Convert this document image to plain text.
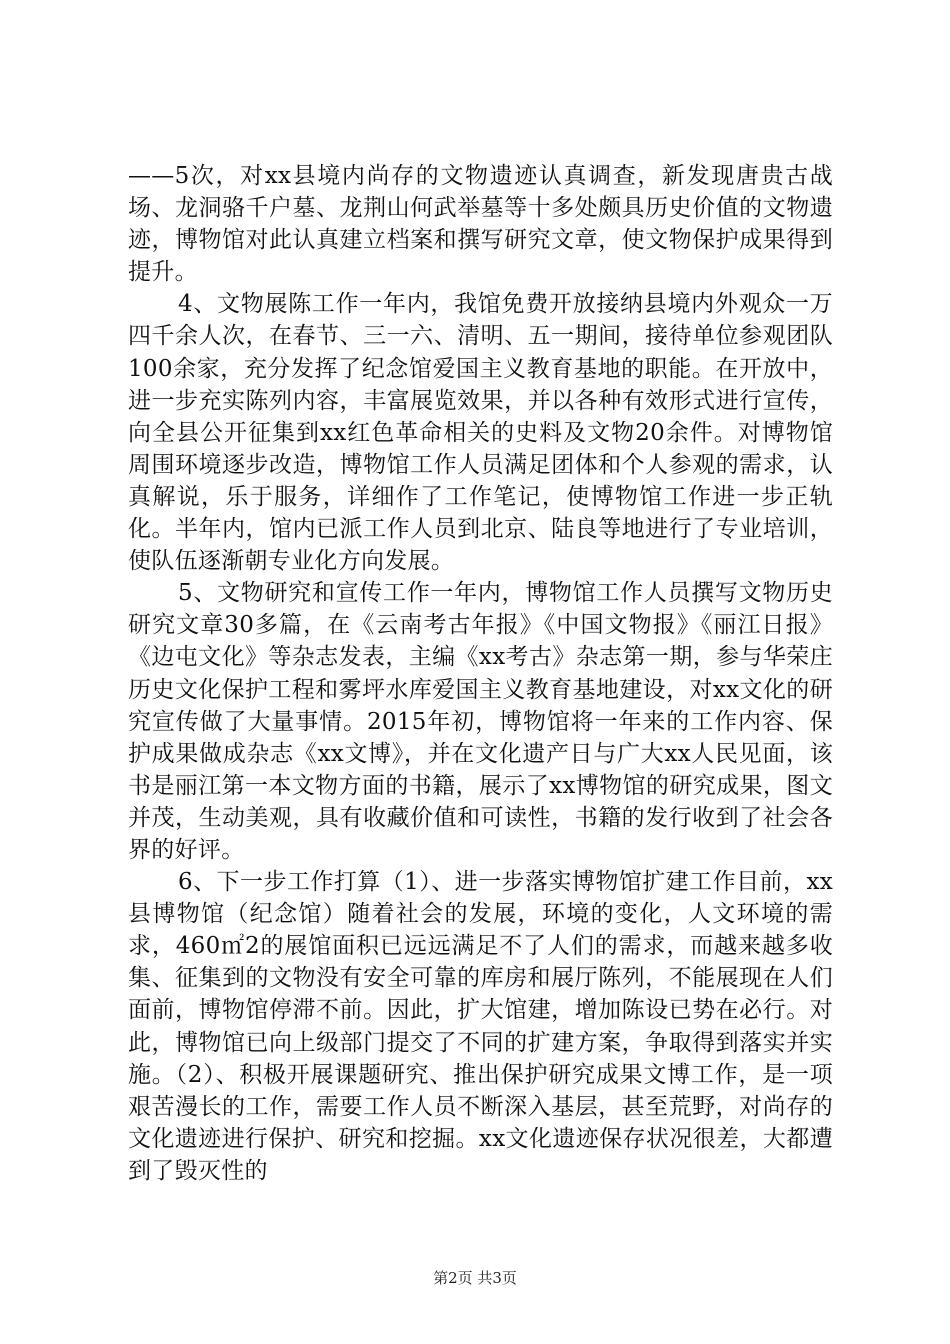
——5次，对xx县境内尚存的文物遗迹认真调查，新发现唐贵古战场、龙洞骆千户墓、龙荆山何武举墓等十多处颇具历史价值的文物遗迹，博物馆对此认真建立档案和撰写研究文章，使文物保护成果得到提升。

4、文物展陈工作一年内，我馆免费开放接纳县境内外观众一万四千余人次，在春节、三一六、清明、五一期间，接待单位参观团队100余家，充分发挥了纪念馆爱国主义教育基地的职能。在开放中，进一步充实陈列内容，丰富展览效果，并以各种有效形式进行宣传，向全县公开征集到xx红色革命相关的史料及文物20余件。对博物馆周围环境逐步改造，博物馆工作人员满足团体和个人参观的需求，认真解说，乐于服务，详细作了工作笔记，使博物馆工作进一步正轨化。半年内，馆内已派工作人员到北京、陆良等地进行了专业培训，使队伍逐渐朝专业化方向发展。

5、文物研究和宣传工作一年内，博物馆工作人员撰写文物历史研究文章30多篇，在《云南考古年报》《中国文物报》《丽江日报》《边屯文化》等杂志发表，主编《xx考古》杂志第一期，参与华荣庄历史文化保护工程和雾坪水库爱国主义教育基地建设，对xx文化的研究宣传做了大量事情。2015年初，博物馆将一年来的工作内容、保护成果做成杂志《xx文博》，并在文化遗产日与广大xx人民见面，该书是丽江第一本文物方面的书籍，展示了xx博物馆的研究成果，图文并茂，生动美观，具有收藏价值和可读性，书籍的发行收到了社会各界的好评。

6、下一步工作打算（1）、进一步落实博物馆扩建工作目前，xx县博物馆（纪念馆）随着社会的发展，环境的变化，人文环境的需求，460㎡2的展馆面积已远远满足不了人们的需求，而越来越多收集、征集到的文物没有安全可靠的库房和展厅陈列，不能展现在人们面前，博物馆停滞不前。因此，扩大馆建，增加陈设已势在必行。对此，博物馆已向上级部门提交了不同的扩建方案，争取得到落实并实施。（2）、积极开展课题研究、推出保护研究成果文博工作，是一项艰苦漫长的工作，需要工作人员不断深入基层，甚至荒野，对尚存的文化遗迹进行保护、研究和挖掘。xx文化遗迹保存状况很差，大都遭到了毁灭性的

第2页 共3页
